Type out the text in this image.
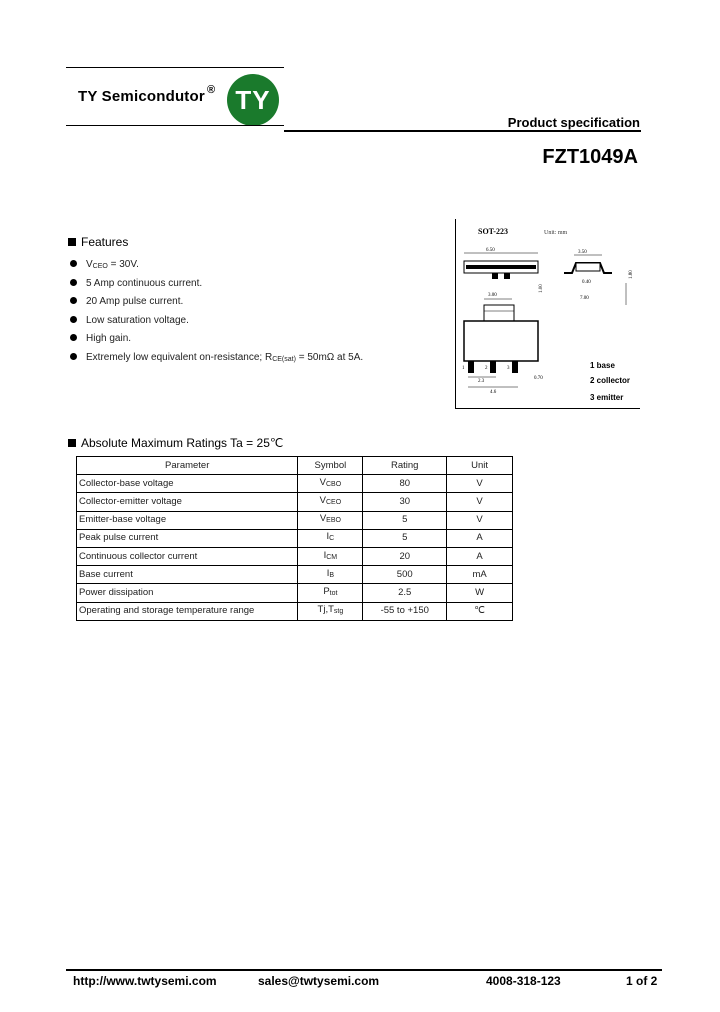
TY Semicondutor ® TY
Product specification
FZT1049A
Features
$V_{CEO} = 30V$.
5 Amp continuous current.
20 Amp pulse current.
Low saturation voltage.
High gain.
Extremely low equivalent on-resistance; $R_{CE(sat)} = 50m\Omega$ at 5A.
SOT-223	Unit: mm
6.50
1.00
3.50
0.40
7.00
1.80
3.00
1	2	3
2.3
4.6
0.70
1 base
2 collector
3 emitter
Absolute Maximum Ratings Ta = 25℃
Parameter	Symbol	Rating	Unit
Collector-base voltage	$V_{CBO}$	80	V
Collector-emitter voltage	$V_{CEO}$	30	V
Emitter-base voltage	$V_{EBO}$	5	V
Peak pulse current	$I_C$	5	A
Continuous collector current	$I_{CM}$	20	A
Base current	$I_B$	500	mA
Power dissipation	$P_{tot}$	2.5	W
Operating and storage temperature range	$Tj,T_{stg}$	-55 to +150	℃
http://www.twtysemi.com	sales@twtysemi.com	4008-318-123	1 of 2
